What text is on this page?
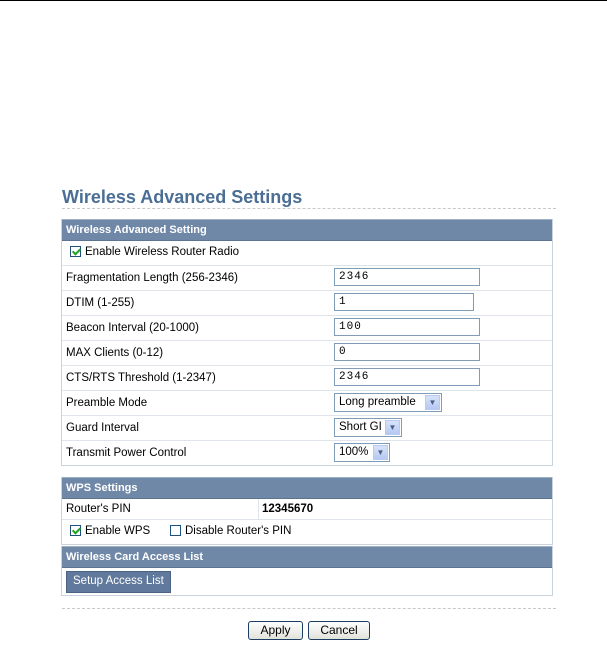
Wireless Advanced Settings
Wireless Advanced Setting
Enable Wireless Router Radio
Fragmentation Length (256-2346)	2346
DTIM (1-255)	1
Beacon Interval (20-1000)	100
MAX Clients (0-12)	0
CTS/RTS Threshold (1-2347)	2346
Preamble Mode	Long preamble	▼
Guard Interval	Short GI ▼
Transmit Power Control	100%	▼
WPS Settings
Router's PIN	12345670
Enable WPS	Disable Router's PIN
Wireless Card Access List
Setup Access List
Apply	Cancel
